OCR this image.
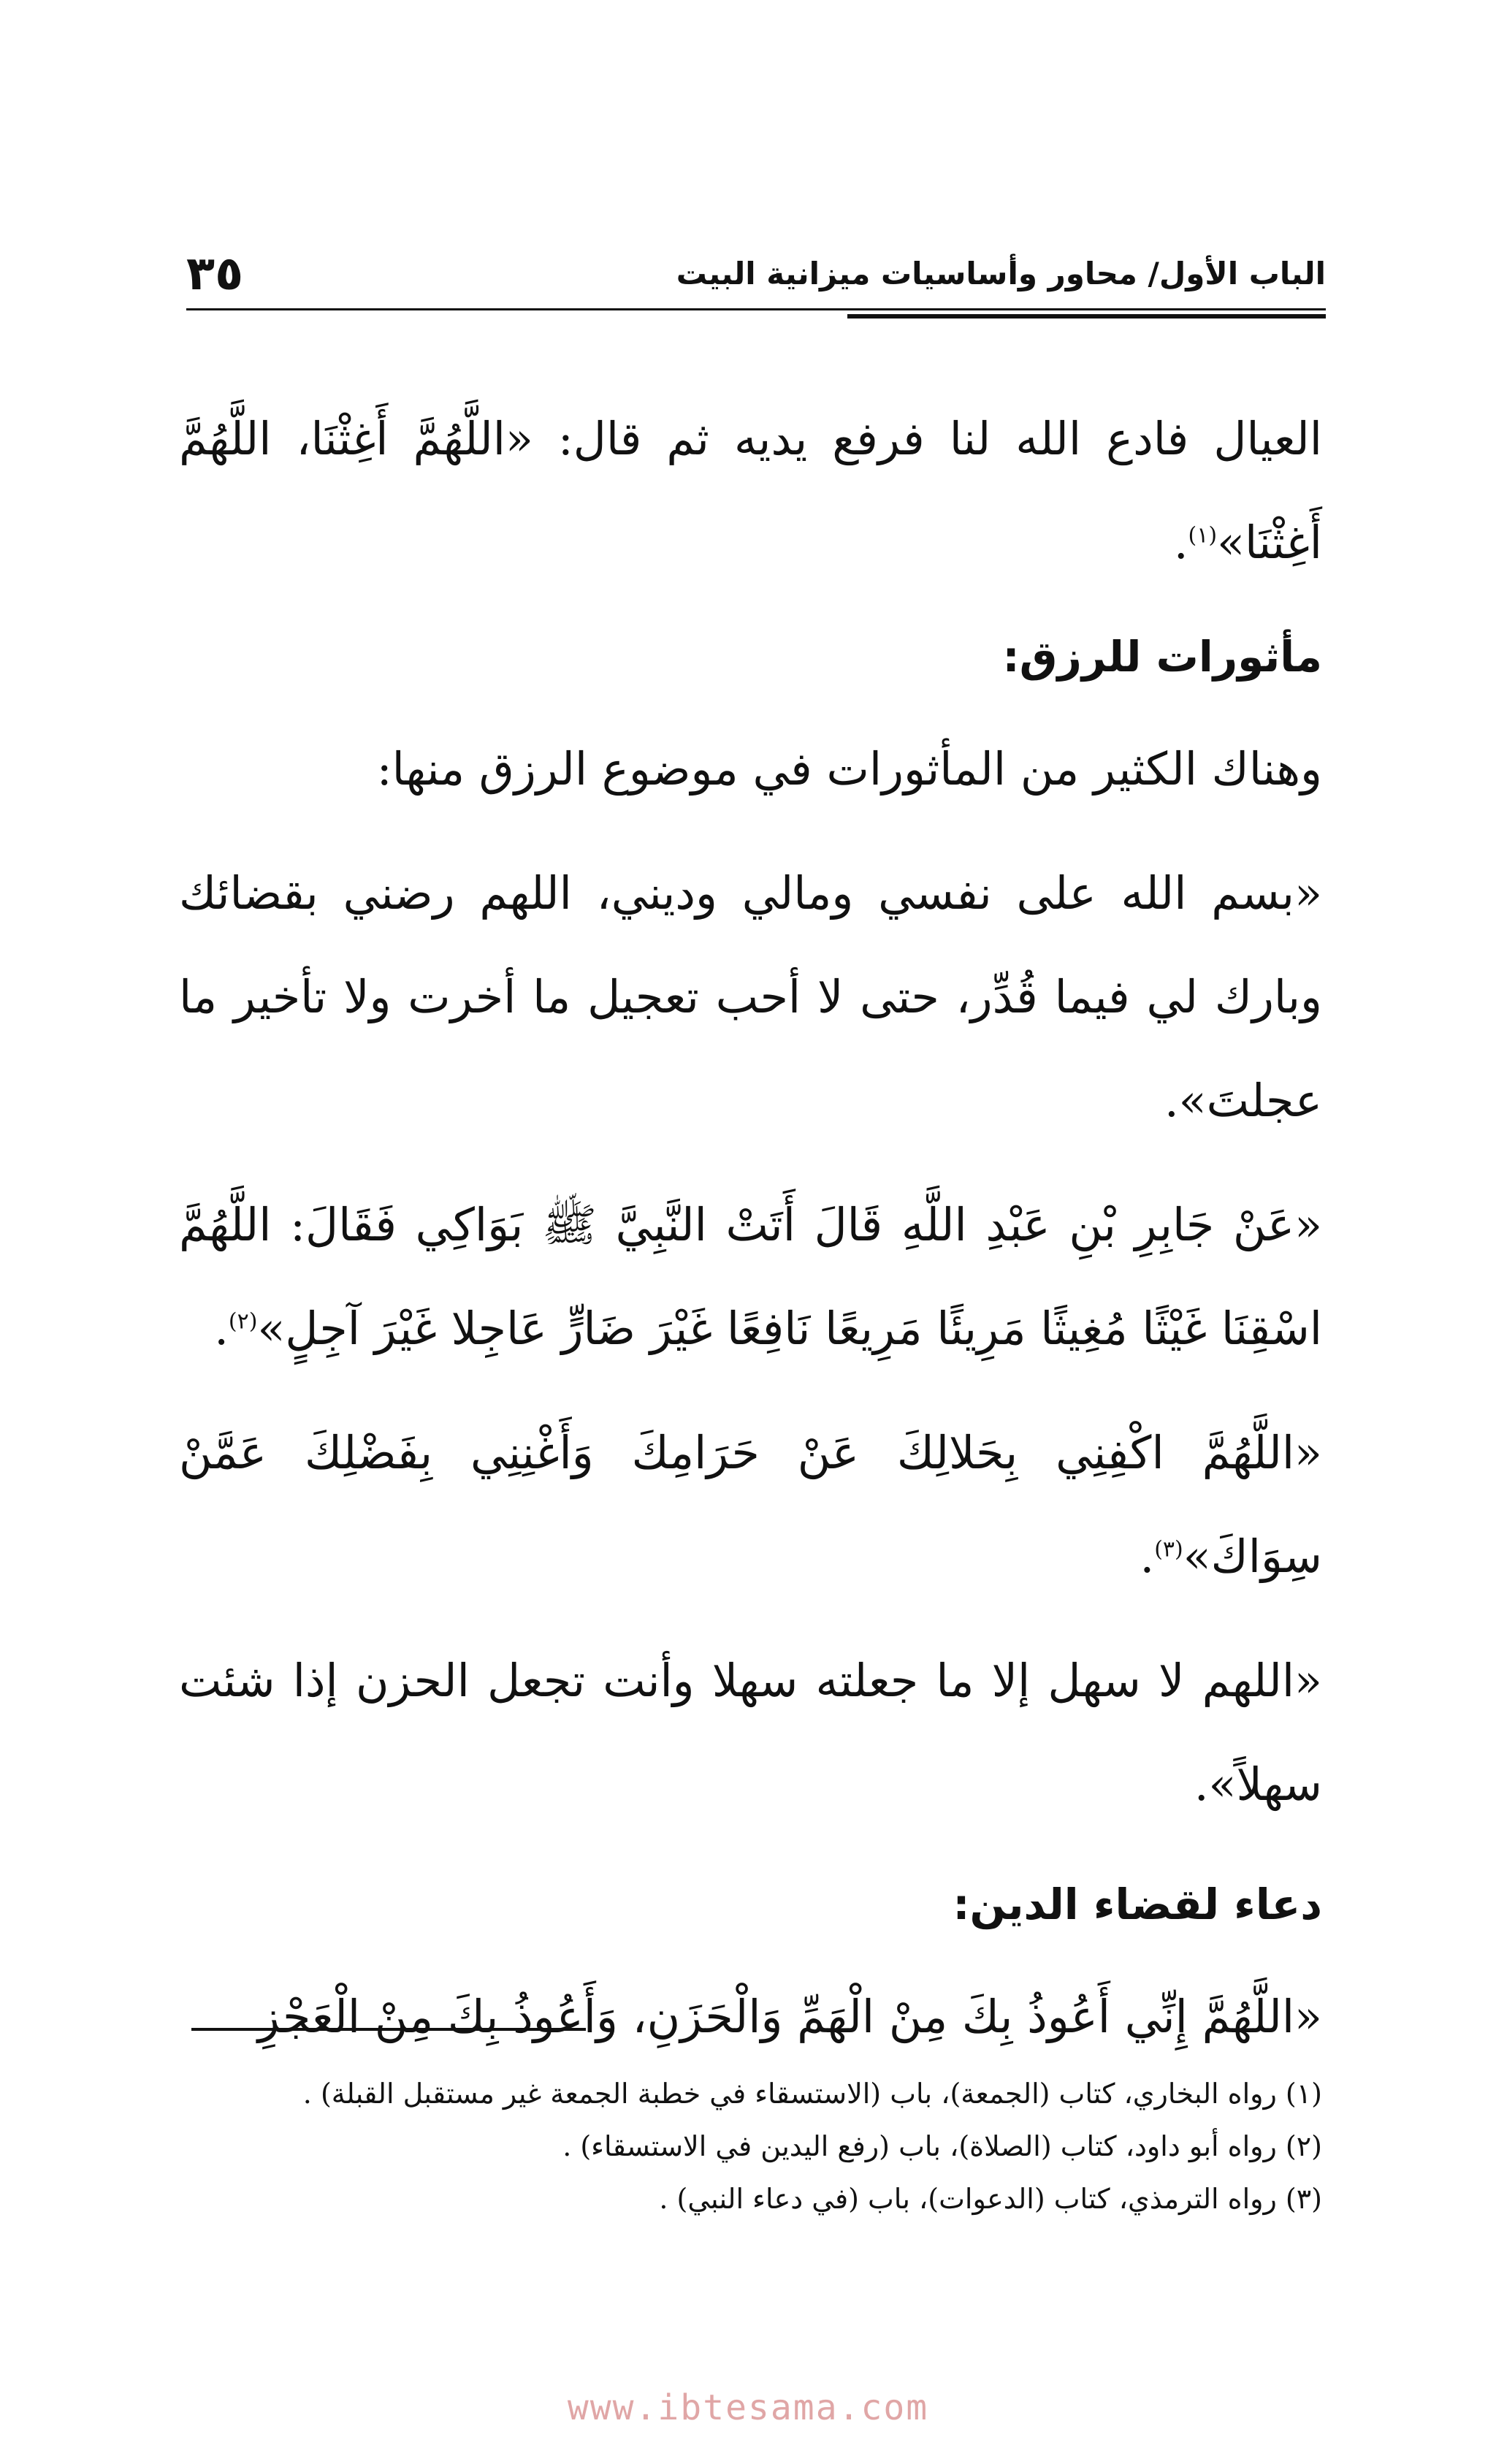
٣٥	الباب الأول/ محاور وأساسيات ميزانية البيت

العيال فادع الله لنا فرفع يديه ثم قال: «اللَّهُمَّ أَغِثْنَا، اللَّهُمَّ أَغِثْنَا»$^{(١)}$.

مأثورات للرزق:

وهناك الكثير من المأثورات في موضوع الرزق منها:

«بسم الله على نفسي ومالي وديني، اللهم رضني بقضائك وبارك لي فيما قُدِّر، حتى لا أحب تعجيل ما أخرت ولا تأخير ما عجلتَ».

«عَنْ جَابِرِ بْنِ عَبْدِ اللَّهِ قَالَ أَتَتْ النَّبِيَّ ﷺ بَوَاكِي فَقَالَ: اللَّهُمَّ اسْقِنَا غَيْثًا مُغِيثًا مَرِيئًا مَرِيعًا نَافِعًا غَيْرَ ضَارٍّ عَاجِلا غَيْرَ آجِلٍ»$^{(٢)}$.

«اللَّهُمَّ اكْفِنِي بِحَلالِكَ عَنْ حَرَامِكَ وَأَغْنِنِي بِفَضْلِكَ عَمَّنْ سِوَاكَ»$^{(٣)}$.

«اللهم لا سهل إلا ما جعلته سهلا وأنت تجعل الحزن إذا شئت سهلاً».

دعاء لقضاء الدين:

«اللَّهُمَّ إِنِّي أَعُوذُ بِكَ مِنْ الْهَمِّ وَالْحَزَنِ، وَأَعُوذُ بِكَ مِنْ الْعَجْزِ

(١) رواه البخاري، كتاب (الجمعة)، باب (الاستسقاء في خطبة الجمعة غير مستقبل القبلة) .

(٢) رواه أبو داود، كتاب (الصلاة)، باب (رفع اليدين في الاستسقاء) .

(٣) رواه الترمذي، كتاب (الدعوات)، باب (في دعاء النبي) .

www.ibtesama.com
